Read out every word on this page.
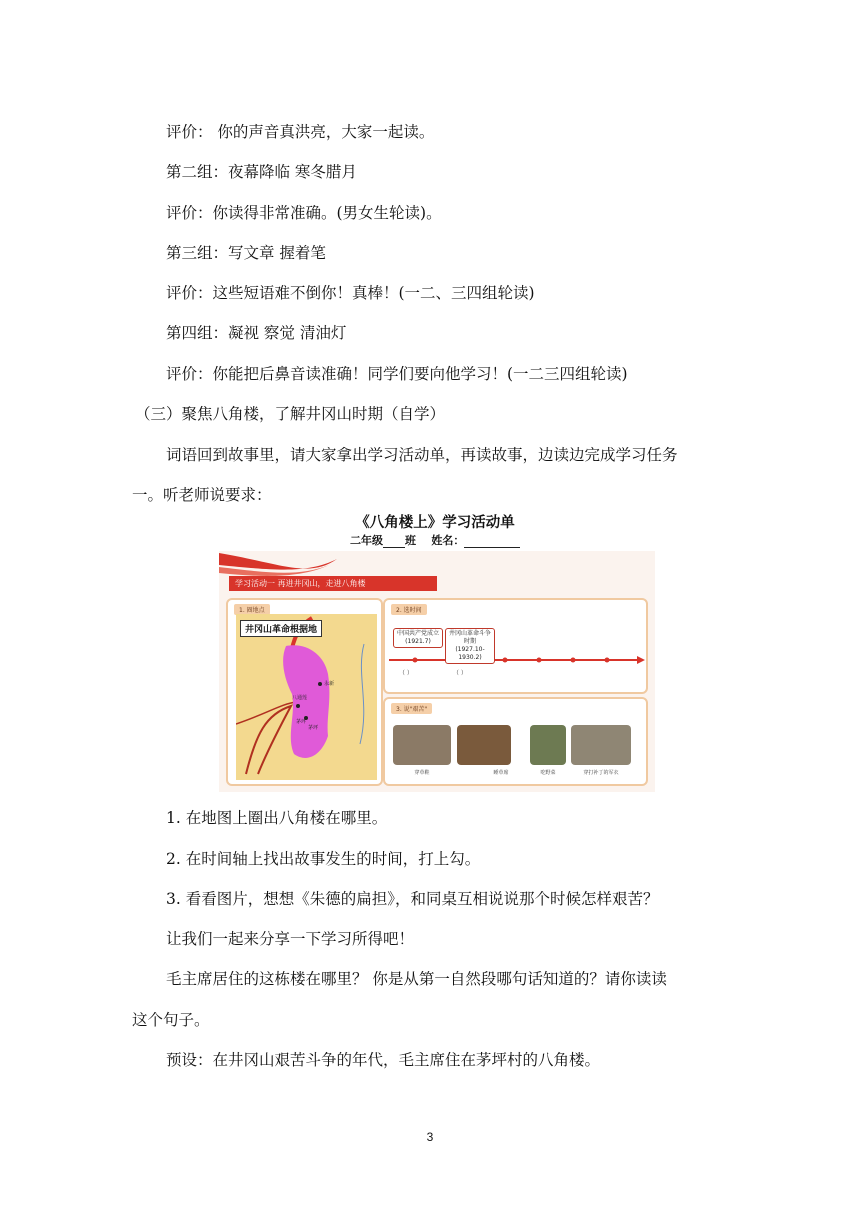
评价： 你的声音真洪亮，大家一起读。
第二组：夜幕降临 寒冬腊月
评价：你读得非常准确。(男女生轮读)。
第三组：写文章 握着笔
评价：这些短语难不倒你！真棒！(一二、三四组轮读)
第四组：凝视 察觉 清油灯
评价：你能把后鼻音读准确！同学们要向他学习！(一二三四组轮读)
（三）聚焦八角楼，了解井冈山时期（自学）
词语回到故事里，请大家拿出学习活动单，再读故事，边读边完成学习任务
一。听老师说要求：
《八角楼上》学习活动单
二年级 班 姓名：
学习活动一 再进井冈山，走进八角楼
1. 圈地点
井冈山革命根据地
八通莲
永新
茅坪
茅坪
2. 选时间
中国共产党成立
(1921.7)
井冈山革命斗争时期
(1927.10-1930.2)
（ ）	（ ）
3. 说"艰苦"
穿草鞋	睡草席	吃野菜	穿打补丁的军衣
1. 在地图上圈出八角楼在哪里。
2. 在时间轴上找出故事发生的时间，打上勾。
3. 看看图片，想想《朱德的扁担》，和同桌互相说说那个时候怎样艰苦？
让我们一起来分享一下学习所得吧！
毛主席居住的这栋楼在哪里？ 你是从第一自然段哪句话知道的？请你读读
这个句子。
预设：在井冈山艰苦斗争的年代，毛主席住在茅坪村的八角楼。
3
